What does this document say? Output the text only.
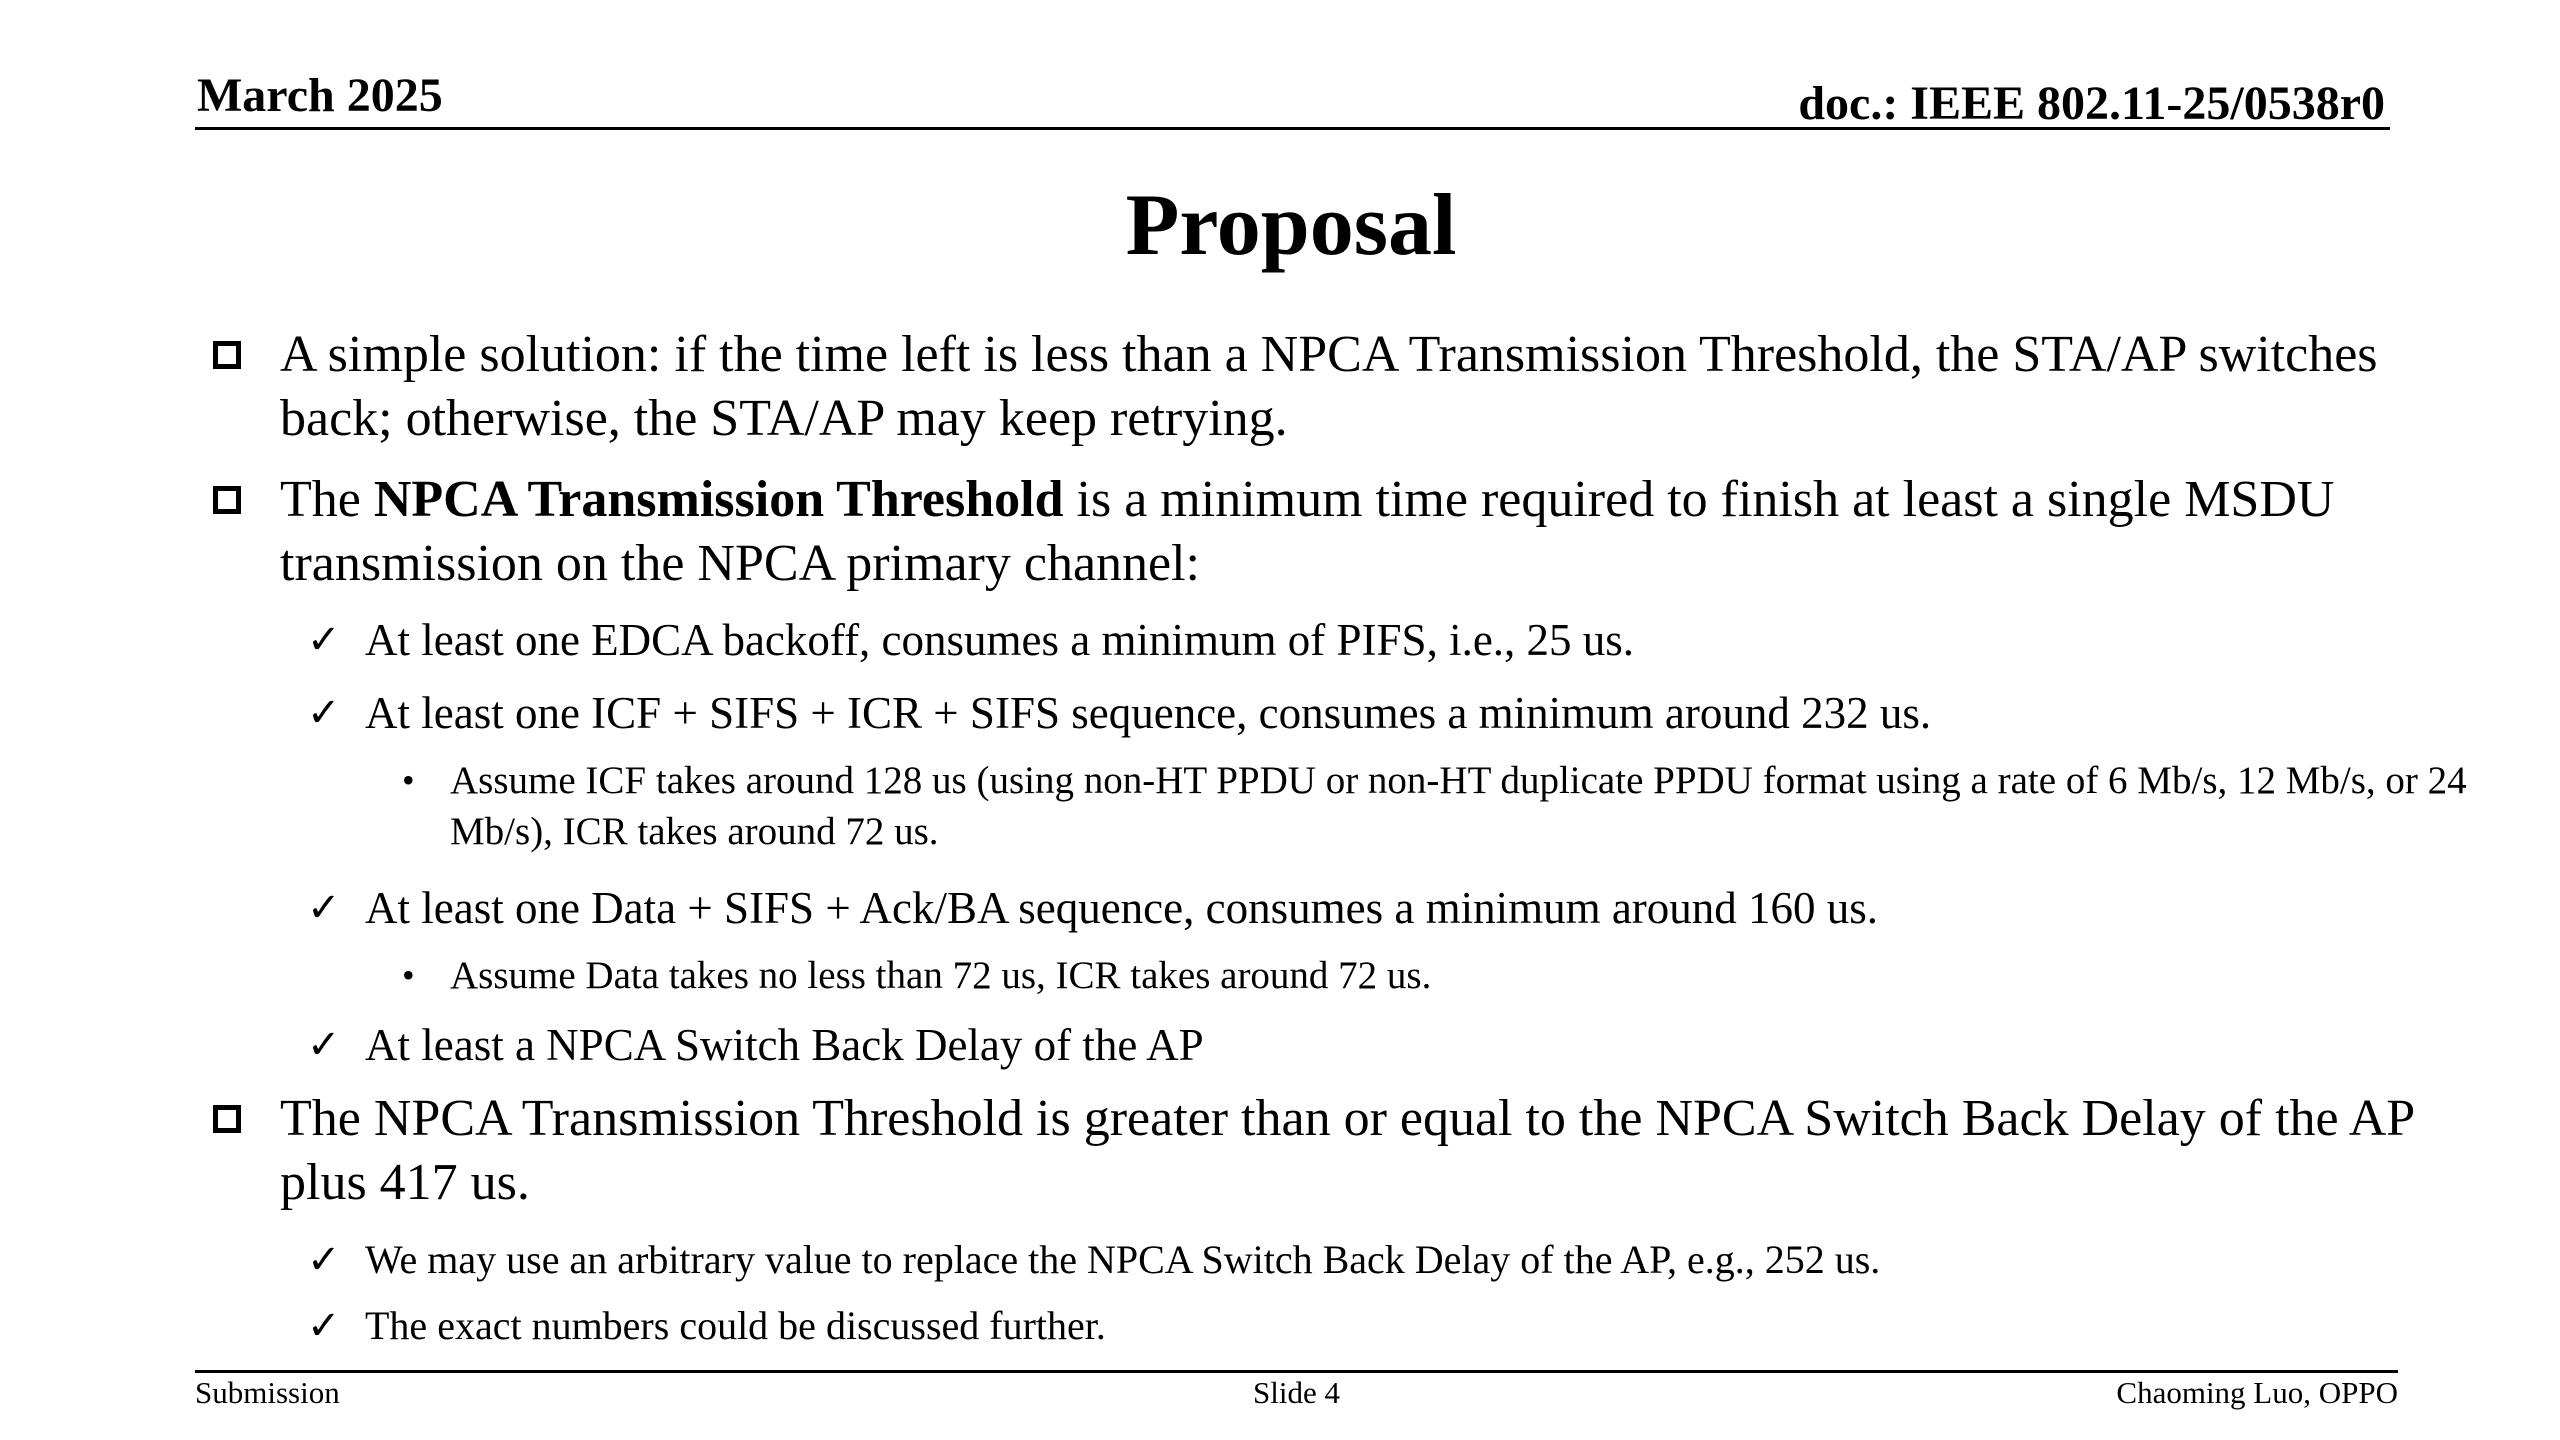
March 2025	doc.: IEEE 802.11-25/0538r0
Proposal
A simple solution: if the time left is less than a NPCA Transmission Threshold, the STA/AP switches back; otherwise, the STA/AP may keep retrying.
The NPCA Transmission Threshold is a minimum time required to finish at least a single MSDU transmission on the NPCA primary channel:
✓ At least one EDCA backoff, consumes a minimum of PIFS, i.e., 25 us.
✓ At least one ICF + SIFS + ICR + SIFS sequence, consumes a minimum around 232 us.
• Assume ICF takes around 128 us (using non-HT PPDU or non-HT duplicate PPDU format using a rate of 6 Mb/s, 12 Mb/s, or 24 Mb/s), ICR takes around 72 us.
✓ At least one Data + SIFS + Ack/BA sequence, consumes a minimum around 160 us.
• Assume Data takes no less than 72 us, ICR takes around 72 us.
✓ At least a NPCA Switch Back Delay of the AP
The NPCA Transmission Threshold is greater than or equal to the NPCA Switch Back Delay of the AP plus 417 us.
✓ We may use an arbitrary value to replace the NPCA Switch Back Delay of the AP, e.g., 252 us.
✓ The exact numbers could be discussed further.
Submission	Slide 4	Chaoming Luo, OPPO
